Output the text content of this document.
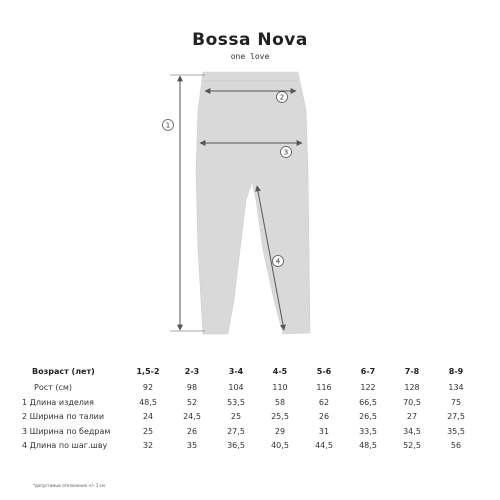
Bossa Nova
one love
1
2
3
4
Возраст (лет)	1,5-2	2-3	3-4	4-5	5-6	6-7	7-8	8-9
Рост (см)	92	98	104	110	116	122	128	134
1 Длина изделия	48,5	52	53,5	58	62	66,5	70,5	75
2 Ширина по талии	24	24,5	25	25,5	26	26,5	27	27,5
3 Ширина по бедрам	25	26	27,5	29	31	33,5	34,5	35,5
4 Длина по шаг.шву	32	35	36,5	40,5	44,5	48,5	52,5	56
*допустимые отклонения +/- 1 см
